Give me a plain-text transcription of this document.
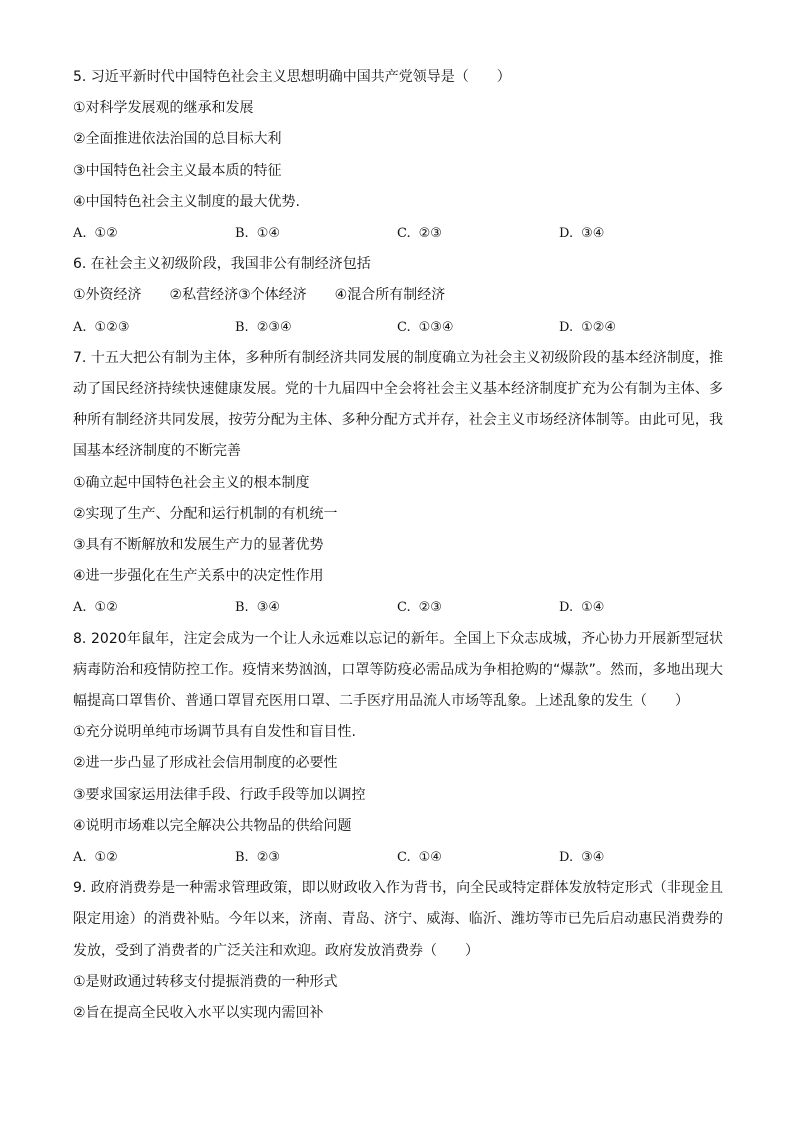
5. 习近平新时代中国特色社会主义思想明确中国共产党领导是（　　）
①对科学发展观的继承和发展
②全面推进依法治国的总目标大利
③中国特色社会主义最本质的特征
④中国特色社会主义制度的最大优势.
A. ①②	B. ①④	C. ②③	D. ③④
6. 在社会主义初级阶段，我国非公有制经济包括
①外资经济　　②私营经济③个体经济　　④混合所有制经济
A. ①②③	B. ②③④	C. ①③④	D. ①②④
7. 十五大把公有制为主体，多种所有制经济共同发展的制度确立为社会主义初级阶段的基本经济制度，推动了国民经济持续快速健康发展。党的十九届四中全会将社会主义基本经济制度扩充为公有制为主体、多种所有制经济共同发展，按劳分配为主体、多种分配方式并存，社会主义市场经济体制等。由此可见，我国基本经济制度的不断完善
①确立起中国特色社会主义的根本制度
②实现了生产、分配和运行机制的有机统一
③具有不断解放和发展生产力的显著优势
④进一步强化在生产关系中的决定性作用
A. ①②	B. ③④	C. ②③	D. ①④
8. 2020年鼠年，注定会成为一个让人永远难以忘记的新年。全国上下众志成城，齐心协力开展新型冠状病毒防治和疫情防控工作。疫情来势汹汹，口罩等防疫必需品成为争相抢购的“爆款”。然而，多地出现大幅提高口罩售价、普通口罩冒充医用口罩、二手医疗用品流人市场等乱象。上述乱象的发生（　　）
①充分说明单纯市场调节具有自发性和盲目性.
②进一步凸显了形成社会信用制度的必要性
③要求国家运用法律手段、行政手段等加以调控
④说明市场难以完全解决公共物品的供给问题
A. ①②	B. ②③	C. ①④	D. ③④
9. 政府消费券是一种需求管理政策，即以财政收入作为背书，向全民或特定群体发放特定形式（非现金且限定用途）的消费补贴。今年以来，济南、青岛、济宁、威海、临沂、潍坊等市已先后启动惠民消费券的发放，受到了消费者的广泛关注和欢迎。政府发放消费券（　　）
①是财政通过转移支付提振消费的一种形式
②旨在提高全民收入水平以实现内需回补
